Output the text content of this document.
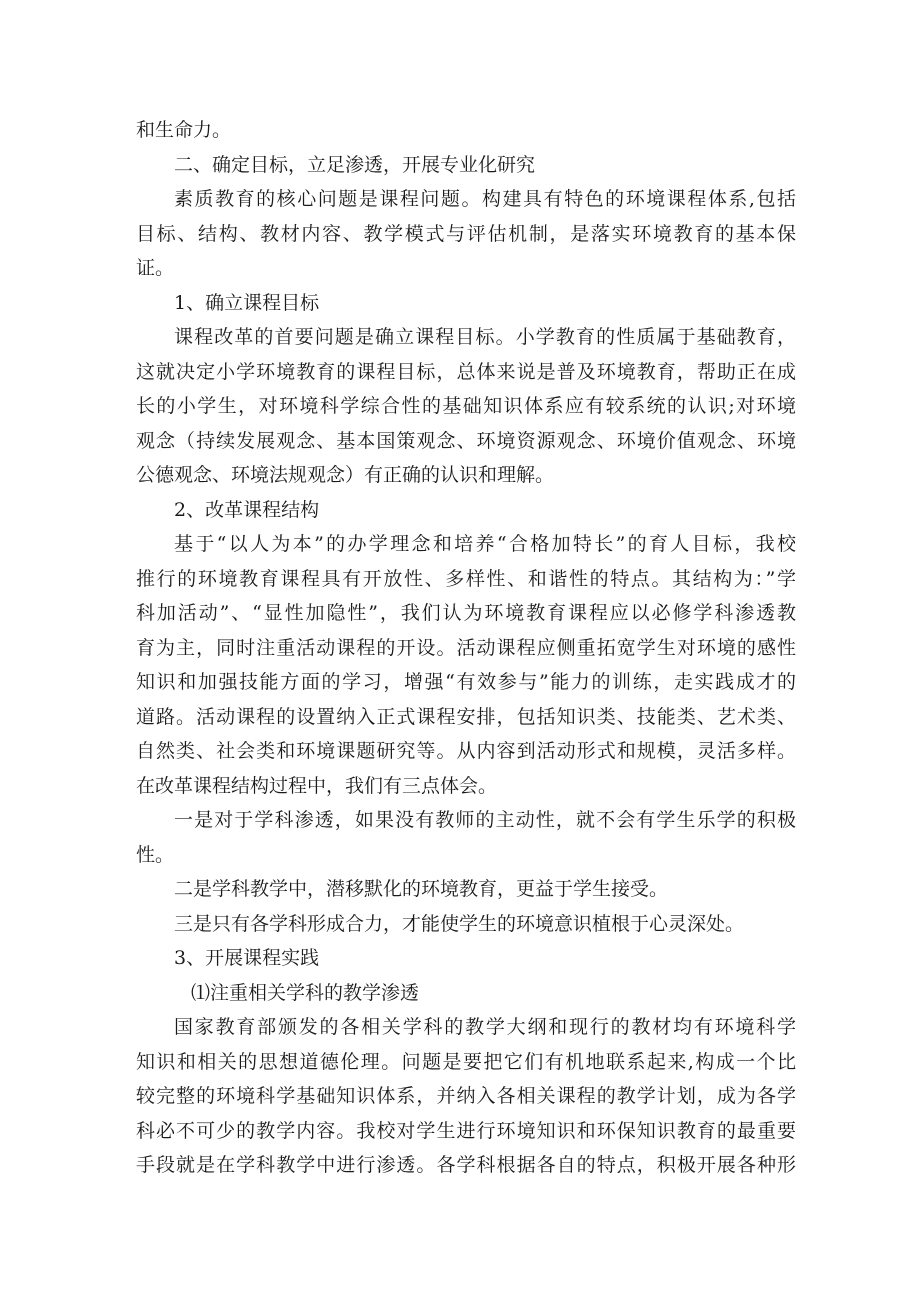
和生命力。
二、确定目标，立足渗透，开展专业化研究
素质教育的核心问题是课程问题。构建具有特色的环境课程体系,包括
目标、结构、教材内容、教学模式与评估机制，是落实环境教育的基本保
证。
1、确立课程目标
课程改革的首要问题是确立课程目标。小学教育的性质属于基础教育，
这就决定小学环境教育的课程目标，总体来说是普及环境教育，帮助正在成
长的小学生，对环境科学综合性的基础知识体系应有较系统的认识;对环境
观念（持续发展观念、基本国策观念、环境资源观念、环境价值观念、环境
公德观念、环境法规观念）有正确的认识和理解。
2、改革课程结构
基于“以人为本”的办学理念和培养“合格加特长”的育人目标，我校
推行的环境教育课程具有开放性、多样性、和谐性的特点。其结构为：”学
科加活动”、“显性加隐性”，我们认为环境教育课程应以必修学科渗透教
育为主，同时注重活动课程的开设。活动课程应侧重拓宽学生对环境的感性
知识和加强技能方面的学习，增强“有效参与”能力的训练，走实践成才的
道路。活动课程的设置纳入正式课程安排，包括知识类、技能类、艺术类、
自然类、社会类和环境课题研究等。从内容到活动形式和规模，灵活多样。
在改革课程结构过程中，我们有三点体会。
一是对于学科渗透，如果没有教师的主动性，就不会有学生乐学的积极
性。
二是学科教学中，潜移默化的环境教育，更益于学生接受。
三是只有各学科形成合力，才能使学生的环境意识植根于心灵深处。
3、开展课程实践
⑴注重相关学科的教学渗透
国家教育部颁发的各相关学科的教学大纲和现行的教材均有环境科学
知识和相关的思想道德伦理。问题是要把它们有机地联系起来,构成一个比
较完整的环境科学基础知识体系，并纳入各相关课程的教学计划，成为各学
科必不可少的教学内容。我校对学生进行环境知识和环保知识教育的最重要
手段就是在学科教学中进行渗透。各学科根据各自的特点，积极开展各种形
